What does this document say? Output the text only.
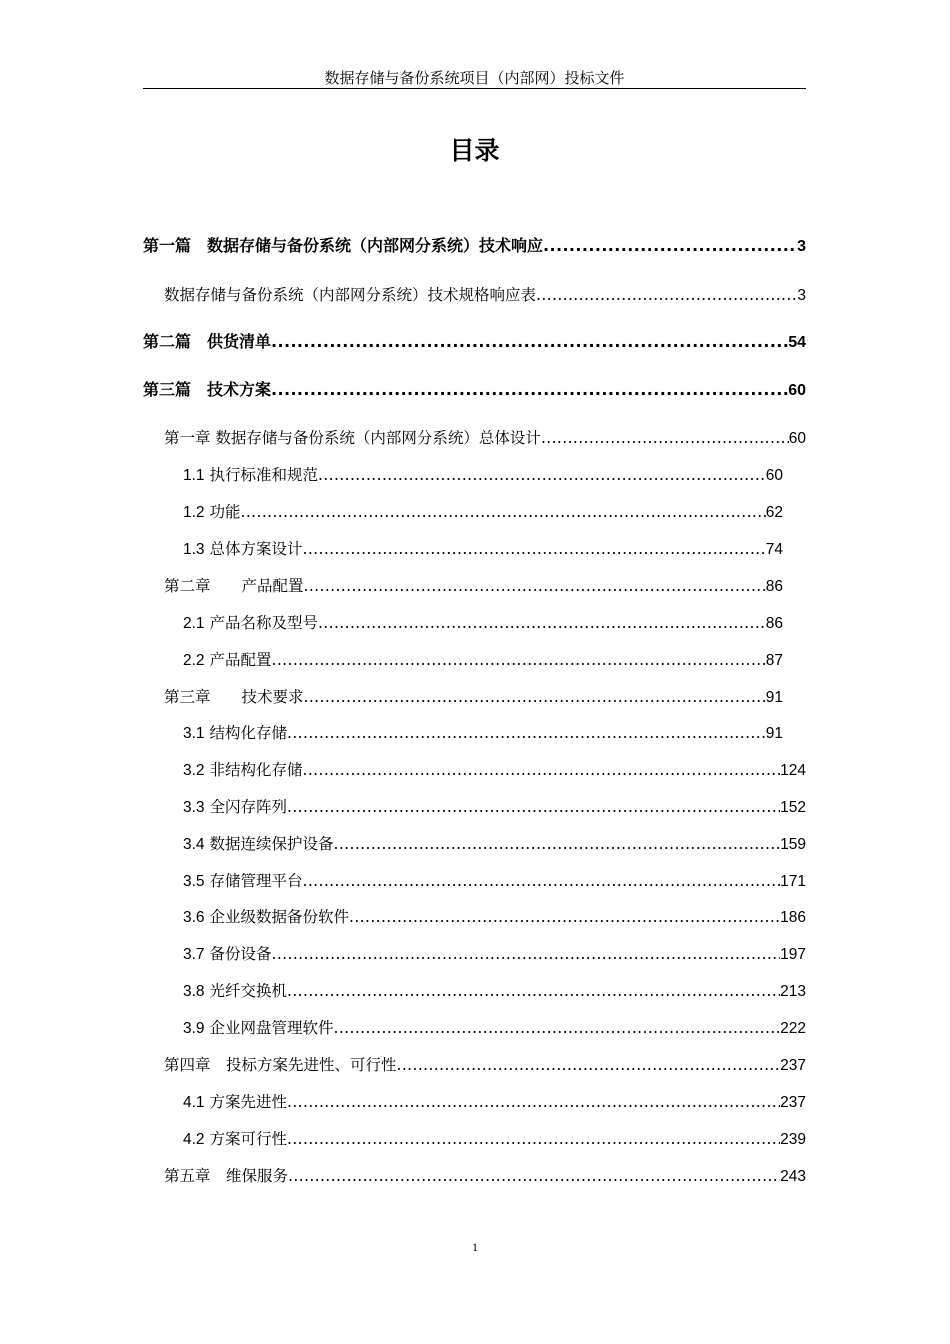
数据存储与备份系统项目（内部网）投标文件
目录
第一篇　数据存储与备份系统（内部网分系统）技术响应 .....	3
数据存储与备份系统（内部网分系统）技术规格响应表 .....	3
第二篇　供货清单 .....	54
第三篇　技术方案 .....	60
第一章 数据存储与备份系统（内部网分系统）总体设计 .....	60
1.1 执行标准和规范 .....	60
1.2 功能 .....	62
1.3 总体方案设计 .....	74
第二章　　产品配置 .....	86
2.1 产品名称及型号 .....	86
2.2 产品配置 .....	87
第三章　　技术要求 .....	91
3.1 结构化存储 .....	91
3.2 非结构化存储 .....	124
3.3 全闪存阵列 .....	152
3.4 数据连续保护设备 .....	159
3.5 存储管理平台 .....	171
3.6 企业级数据备份软件 .....	186
3.7 备份设备 .....	197
3.8 光纤交换机 .....	213
3.9 企业网盘管理软件 .....	222
第四章　投标方案先进性、可行性 .....	237
4.1 方案先进性 .....	237
4.2 方案可行性 .....	239
第五章　维保服务 .....	243
1
